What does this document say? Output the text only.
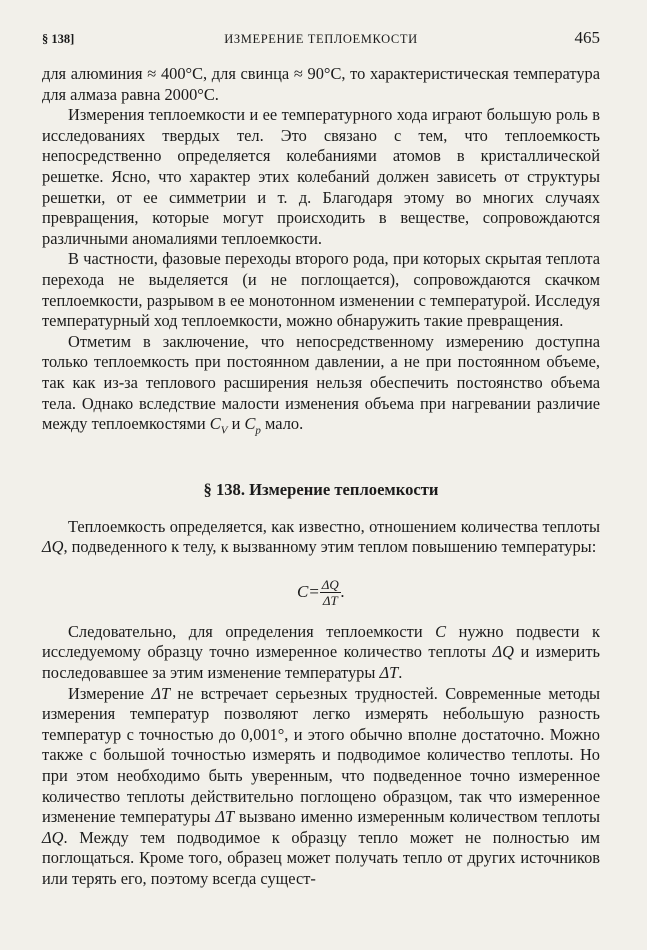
§ 138]	ИЗМЕРЕНИЕ ТЕПЛОЕМКОСТИ	465

для алюминия ≈ 400°C, для свинца ≈ 90°C, то характеристическая температура для алмаза равна 2000°C.

Измерения теплоемкости и ее температурного хода играют большую роль в исследованиях твердых тел. Это связано с тем, что теплоемкость непосредственно определяется колебаниями атомов в кристаллической решетке. Ясно, что характер этих колебаний должен зависеть от структуры решетки, от ее симметрии и т. д. Благодаря этому во многих случаях превращения, которые могут происходить в веществе, сопровождаются различными аномалиями теплоемкости.

В частности, фазовые переходы второго рода, при которых скрытая теплота перехода не выделяется (и не поглощается), сопровождаются скачком теплоемкости, разрывом в ее монотонном изменении с температурой. Исследуя температурный ход теплоемкости, можно обнаружить такие превращения.

Отметим в заключение, что непосредственному измерению доступна только теплоемкость при постоянном давлении, а не при постоянном объеме, так как из-за теплового расширения нельзя обеспечить постоянство объема тела. Однако вследствие малости изменения объема при нагревании различие между теплоемкостями $C_V$ и $C_p$ мало.

§ 138. Измерение теплоемкости

Теплоемкость определяется, как известно, отношением количества теплоты ΔQ, подведенного к телу, к вызванному этим теплом повышению температуры:

$C= \frac{\Delta Q}{\Delta T}$ .

Следовательно, для определения теплоемкости C нужно подвести к исследуемому образцу точно измеренное количество теплоты ΔQ и измерить последовавшее за этим изменение температуры ΔT.

Измерение ΔT не встречает серьезных трудностей. Современные методы измерения температур позволяют легко измерять небольшую разность температур с точностью до 0,001°, и этого обычно вполне достаточно. Можно также с большой точностью измерять и подводимое количество теплоты. Но при этом необходимо быть уверенным, что подведенное точно измеренное количество теплоты действительно поглощено образцом, так что измеренное изменение температуры ΔT вызвано именно измеренным количеством теплоты ΔQ. Между тем подводимое к образцу тепло может не полностью им поглощаться. Кроме того, образец может получать тепло от других источников или терять его, поэтому всегда сущест-
